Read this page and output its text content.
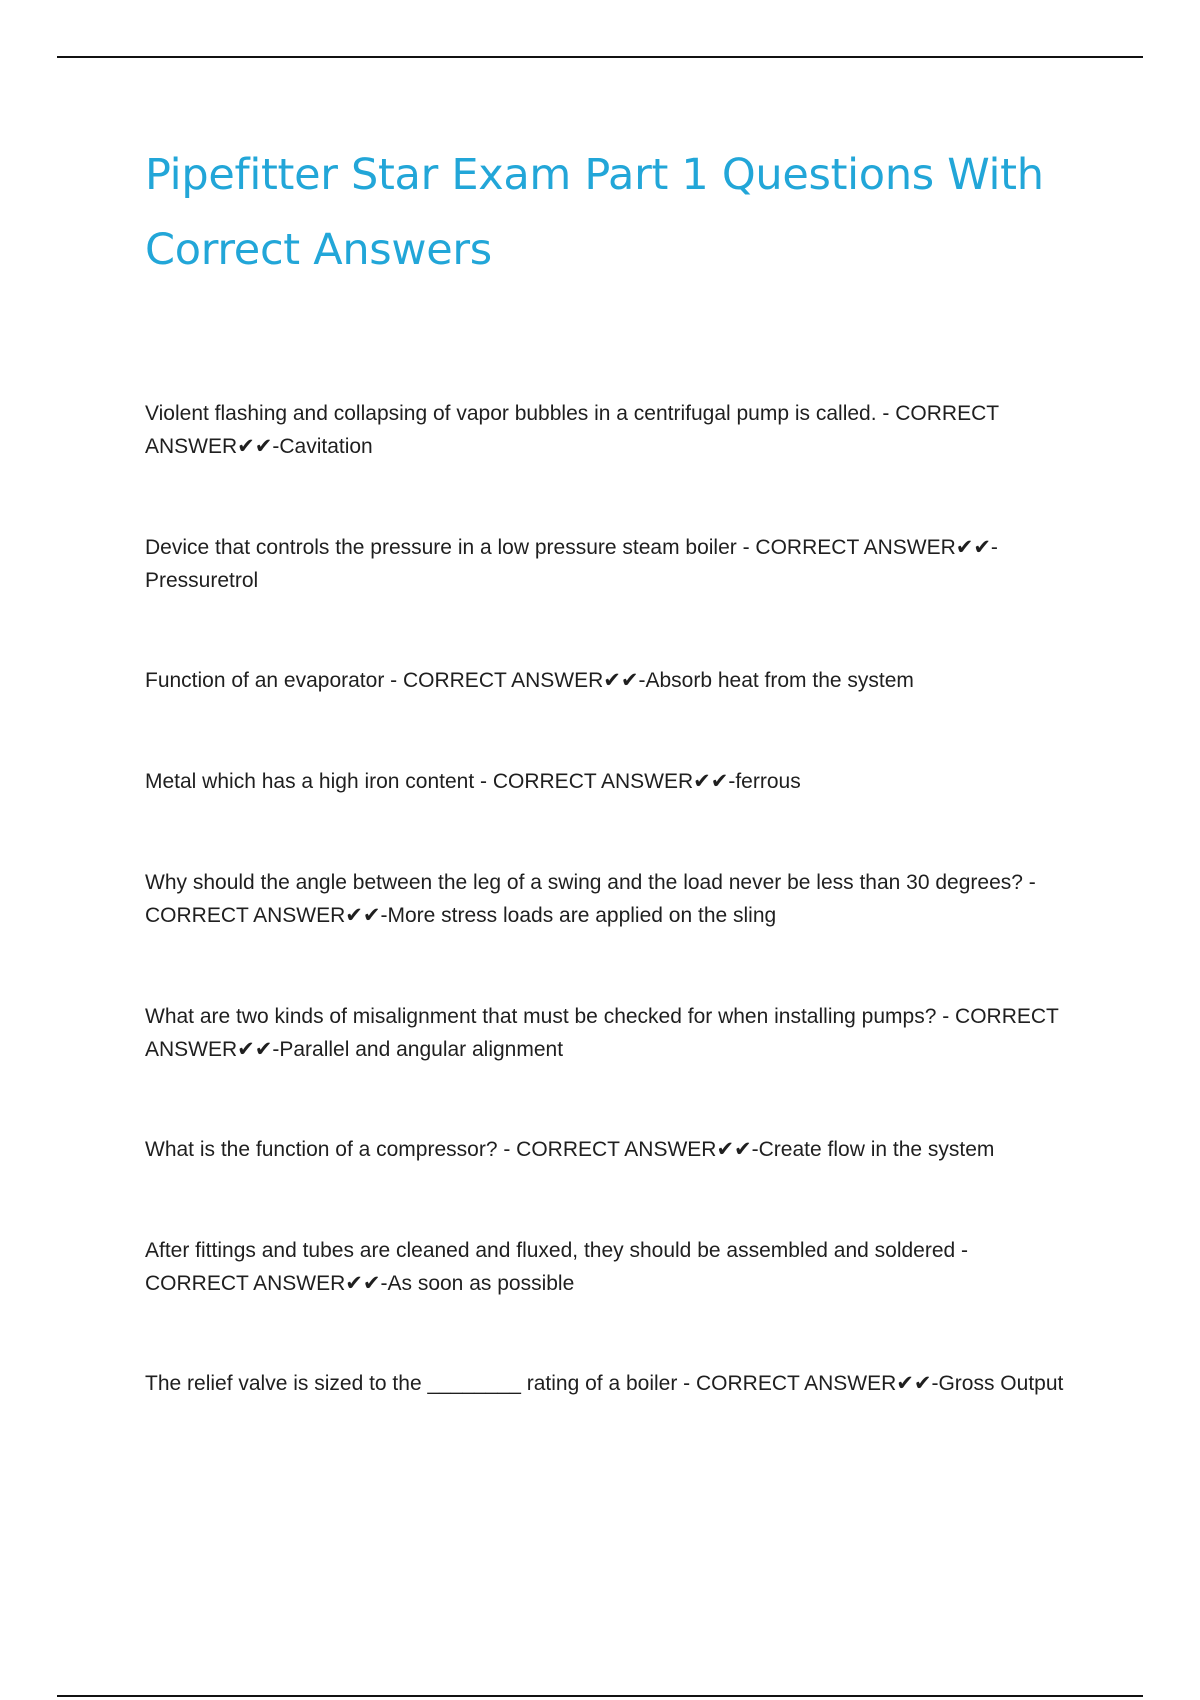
Pipefitter Star Exam Part 1 Questions With Correct Answers
Violent flashing and collapsing of vapor bubbles in a centrifugal pump is called. - CORRECT ANSWER✔✔-Cavitation
Device that controls the pressure in a low pressure steam boiler - CORRECT ANSWER✔✔-Pressuretrol
Function of an evaporator - CORRECT ANSWER✔✔-Absorb heat from the system
Metal which has a high iron content - CORRECT ANSWER✔✔-ferrous
Why should the angle between the leg of a swing and the load never be less than 30 degrees? - CORRECT ANSWER✔✔-More stress loads are applied on the sling
What are two kinds of misalignment that must be checked for when installing pumps? - CORRECT ANSWER✔✔-Parallel and angular alignment
What is the function of a compressor? - CORRECT ANSWER✔✔-Create flow in the system
After fittings and tubes are cleaned and fluxed, they should be assembled and soldered - CORRECT ANSWER✔✔-As soon as possible
The relief valve is sized to the ________ rating of a boiler - CORRECT ANSWER✔✔-Gross Output
